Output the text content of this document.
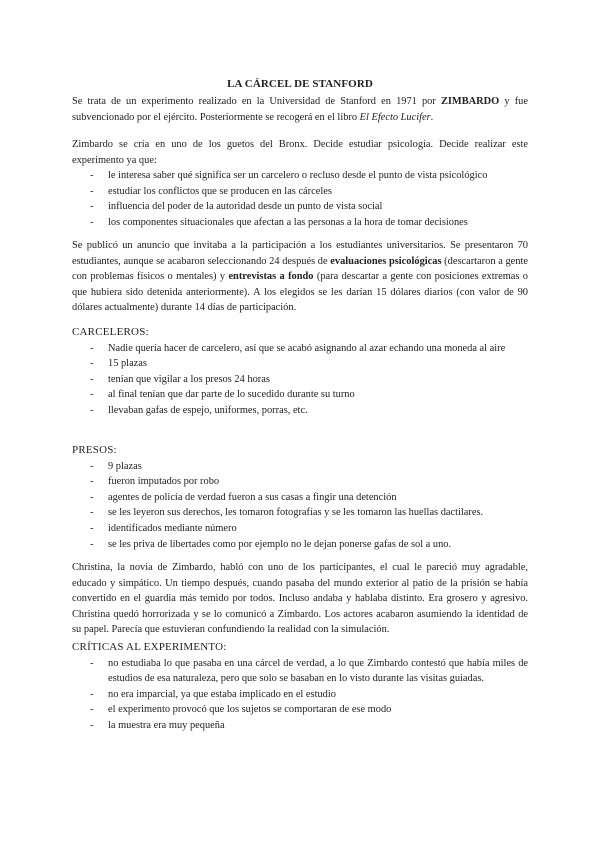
LA CÁRCEL DE STANFORD

Se trata de un experimento realizado en la Universidad de Stanford en 1971 por ZIMBARDO y fue subvencionado por el ejército. Posteriormente se recogerá en el libro El Efecto Lucifer.

Zimbardo se cría en uno de los guetos del Bronx. Decide estudiar psicología. Decide realizar este experimento ya que:

- le interesa saber qué significa ser un carcelero o recluso desde el punto de vista psicológico
- estudiar los conflictos que se producen en las cárceles
- influencia del poder de la autoridad desde un punto de vista social
- los componentes situacionales que afectan a las personas a la hora de tomar decisiones

Se publicó un anuncio que invitaba a la participación a los estudiantes universitarios. Se presentaron 70 estudiantes, aunque se acabaron seleccionando 24 después de evaluaciones psicológicas (descartaron a gente con problemas físicos o mentales) y entrevistas a fondo (para descartar a gente con posiciones extremas o que hubiera sido detenida anteriormente). A los elegidos se les darían 15 dólares diarios (con valor de 90 dólares actualmente) durante 14 días de participación.

CARCELEROS:
- Nadie quería hacer de carcelero, así que se acabó asignando al azar echando una moneda al aire
- 15 plazas
- tenían que vigilar a los presos 24 horas
- al final tenían que dar parte de lo sucedido durante su turno
- llevaban gafas de espejo, uniformes, porras, etc.
PRESOS:
- 9 plazas
- fueron imputados por robo
- agentes de policía de verdad fueron a sus casas a fingir una detención
- se les leyeron sus derechos, les tomaron fotografías y se les tomaron las huellas dactilares.
- identificados mediante número
- se les priva de libertades como por ejemplo no le dejan ponerse gafas de sol a uno.

Christina, la novia de Zimbardo, habló con uno de los participantes, el cual le pareció muy agradable, educado y simpático. Un tiempo después, cuando pasaba del mundo exterior al patio de la prisión se había convertido en el guardia más temido por todos. Incluso andaba y hablaba distinto. Era grosero y agresivo. Christina quedó horrorizada y se lo comunicó a Zimbardo. Los actores acabaron asumiendo la identidad de su papel. Parecía que estuvieran confundiendo la realidad con la simulación.

CRÍTICAS AL EXPERIMENTO:
- no estudiaba lo que pasaba en una cárcel de verdad, a lo que Zimbardo contestó que había miles de estudios de esa naturaleza, pero que solo se basaban en lo visto durante las visitas guiadas.
- no era imparcial, ya que estaba implicado en el estudio
- el experimento provocó que los sujetos se comportaran de ese modo
- la muestra era muy pequeña
